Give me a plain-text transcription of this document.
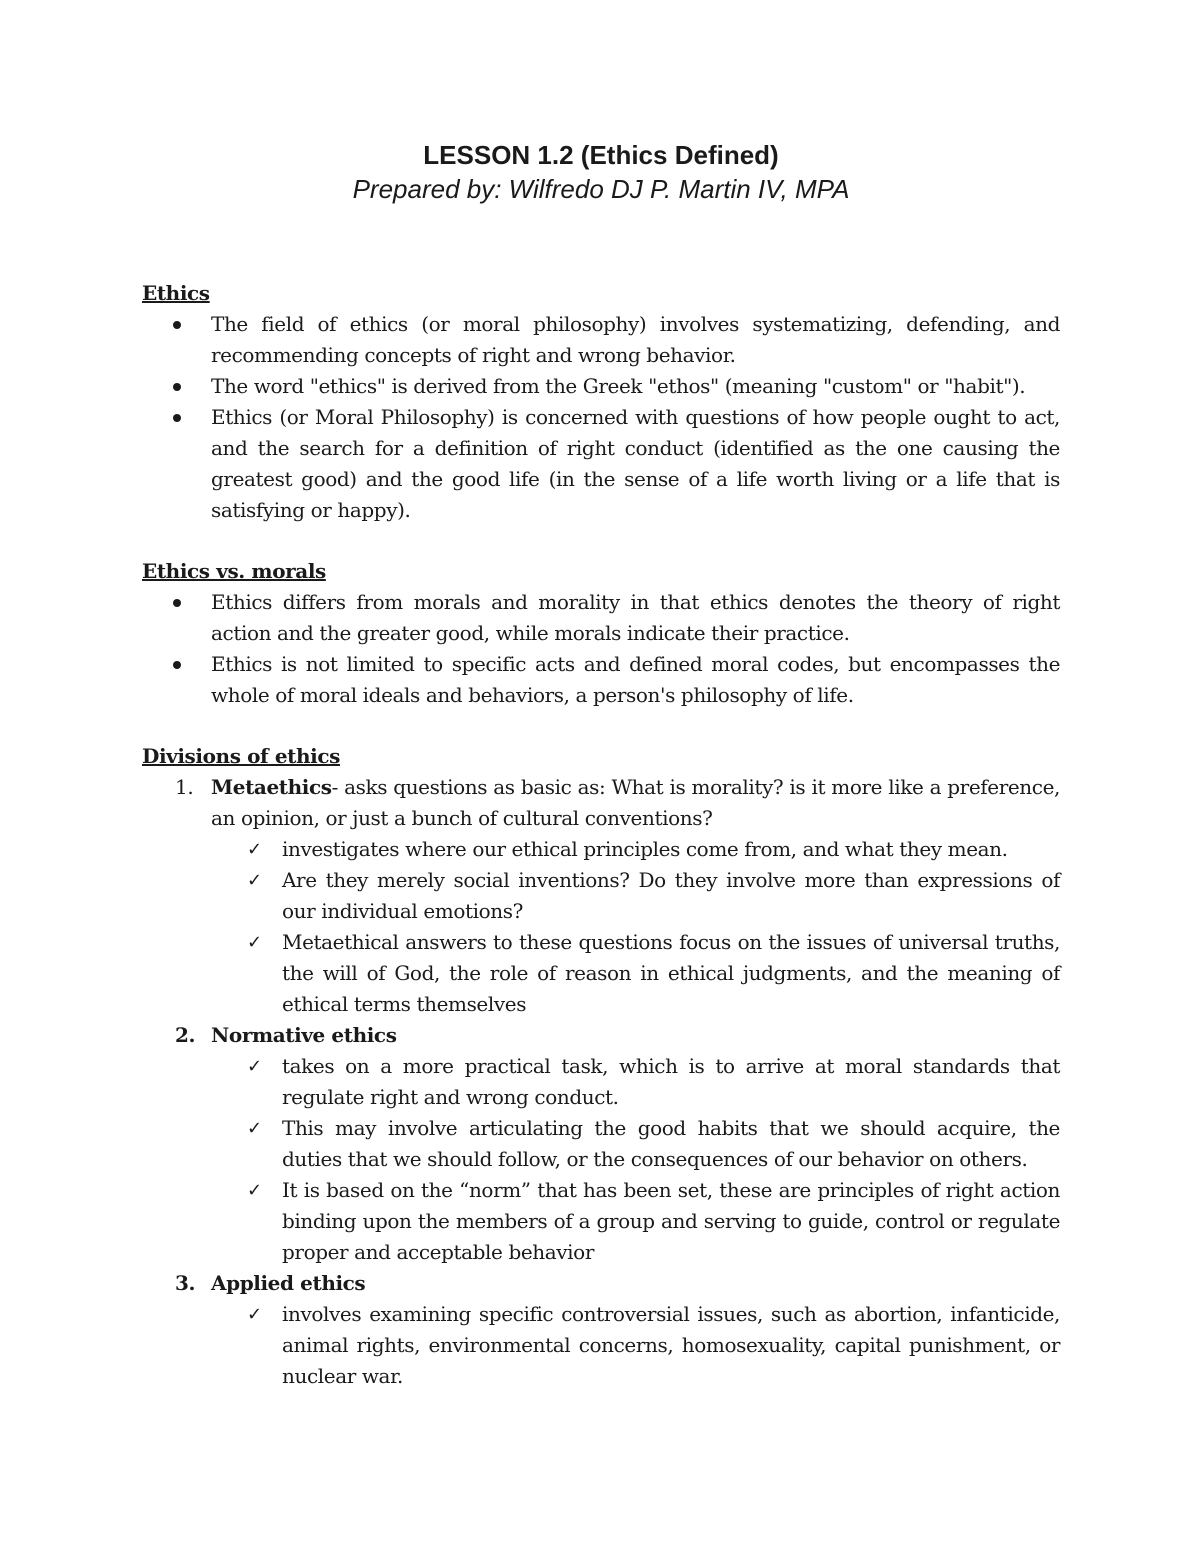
LESSON 1.2 (Ethics Defined)

Prepared by: Wilfredo DJ P. Martin IV, MPA

Ethics

The field of ethics (or moral philosophy) involves systematizing, defending, and recommending concepts of right and wrong behavior.
The word "ethics" is derived from the Greek "ethos" (meaning "custom" or "habit").
Ethics (or Moral Philosophy) is concerned with questions of how people ought to act, and the search for a definition of right conduct (identified as the one causing the greatest good) and the good life (in the sense of a life worth living or a life that is satisfying or happy).

Ethics vs. morals

Ethics differs from morals and morality in that ethics denotes the theory of right action and the greater good, while morals indicate their practice.
Ethics is not limited to specific acts and defined moral codes, but encompasses the whole of moral ideals and behaviors, a person's philosophy of life.

Divisions of ethics

1. Metaethics- asks questions as basic as: What is morality? is it more like a preference, an opinion, or just a bunch of cultural conventions?
✓ investigates where our ethical principles come from, and what they mean.
✓ Are they merely social inventions? Do they involve more than expressions of our individual emotions?
✓ Metaethical answers to these questions focus on the issues of universal truths, the will of God, the role of reason in ethical judgments, and the meaning of ethical terms themselves
2. Normative ethics
✓ takes on a more practical task, which is to arrive at moral standards that regulate right and wrong conduct.
✓ This may involve articulating the good habits that we should acquire, the duties that we should follow, or the consequences of our behavior on others.
✓ It is based on the “norm” that has been set, these are principles of right action binding upon the members of a group and serving to guide, control or regulate proper and acceptable behavior
3. Applied ethics
✓ involves examining specific controversial issues, such as abortion, infanticide, animal rights, environmental concerns, homosexuality, capital punishment, or nuclear war.
